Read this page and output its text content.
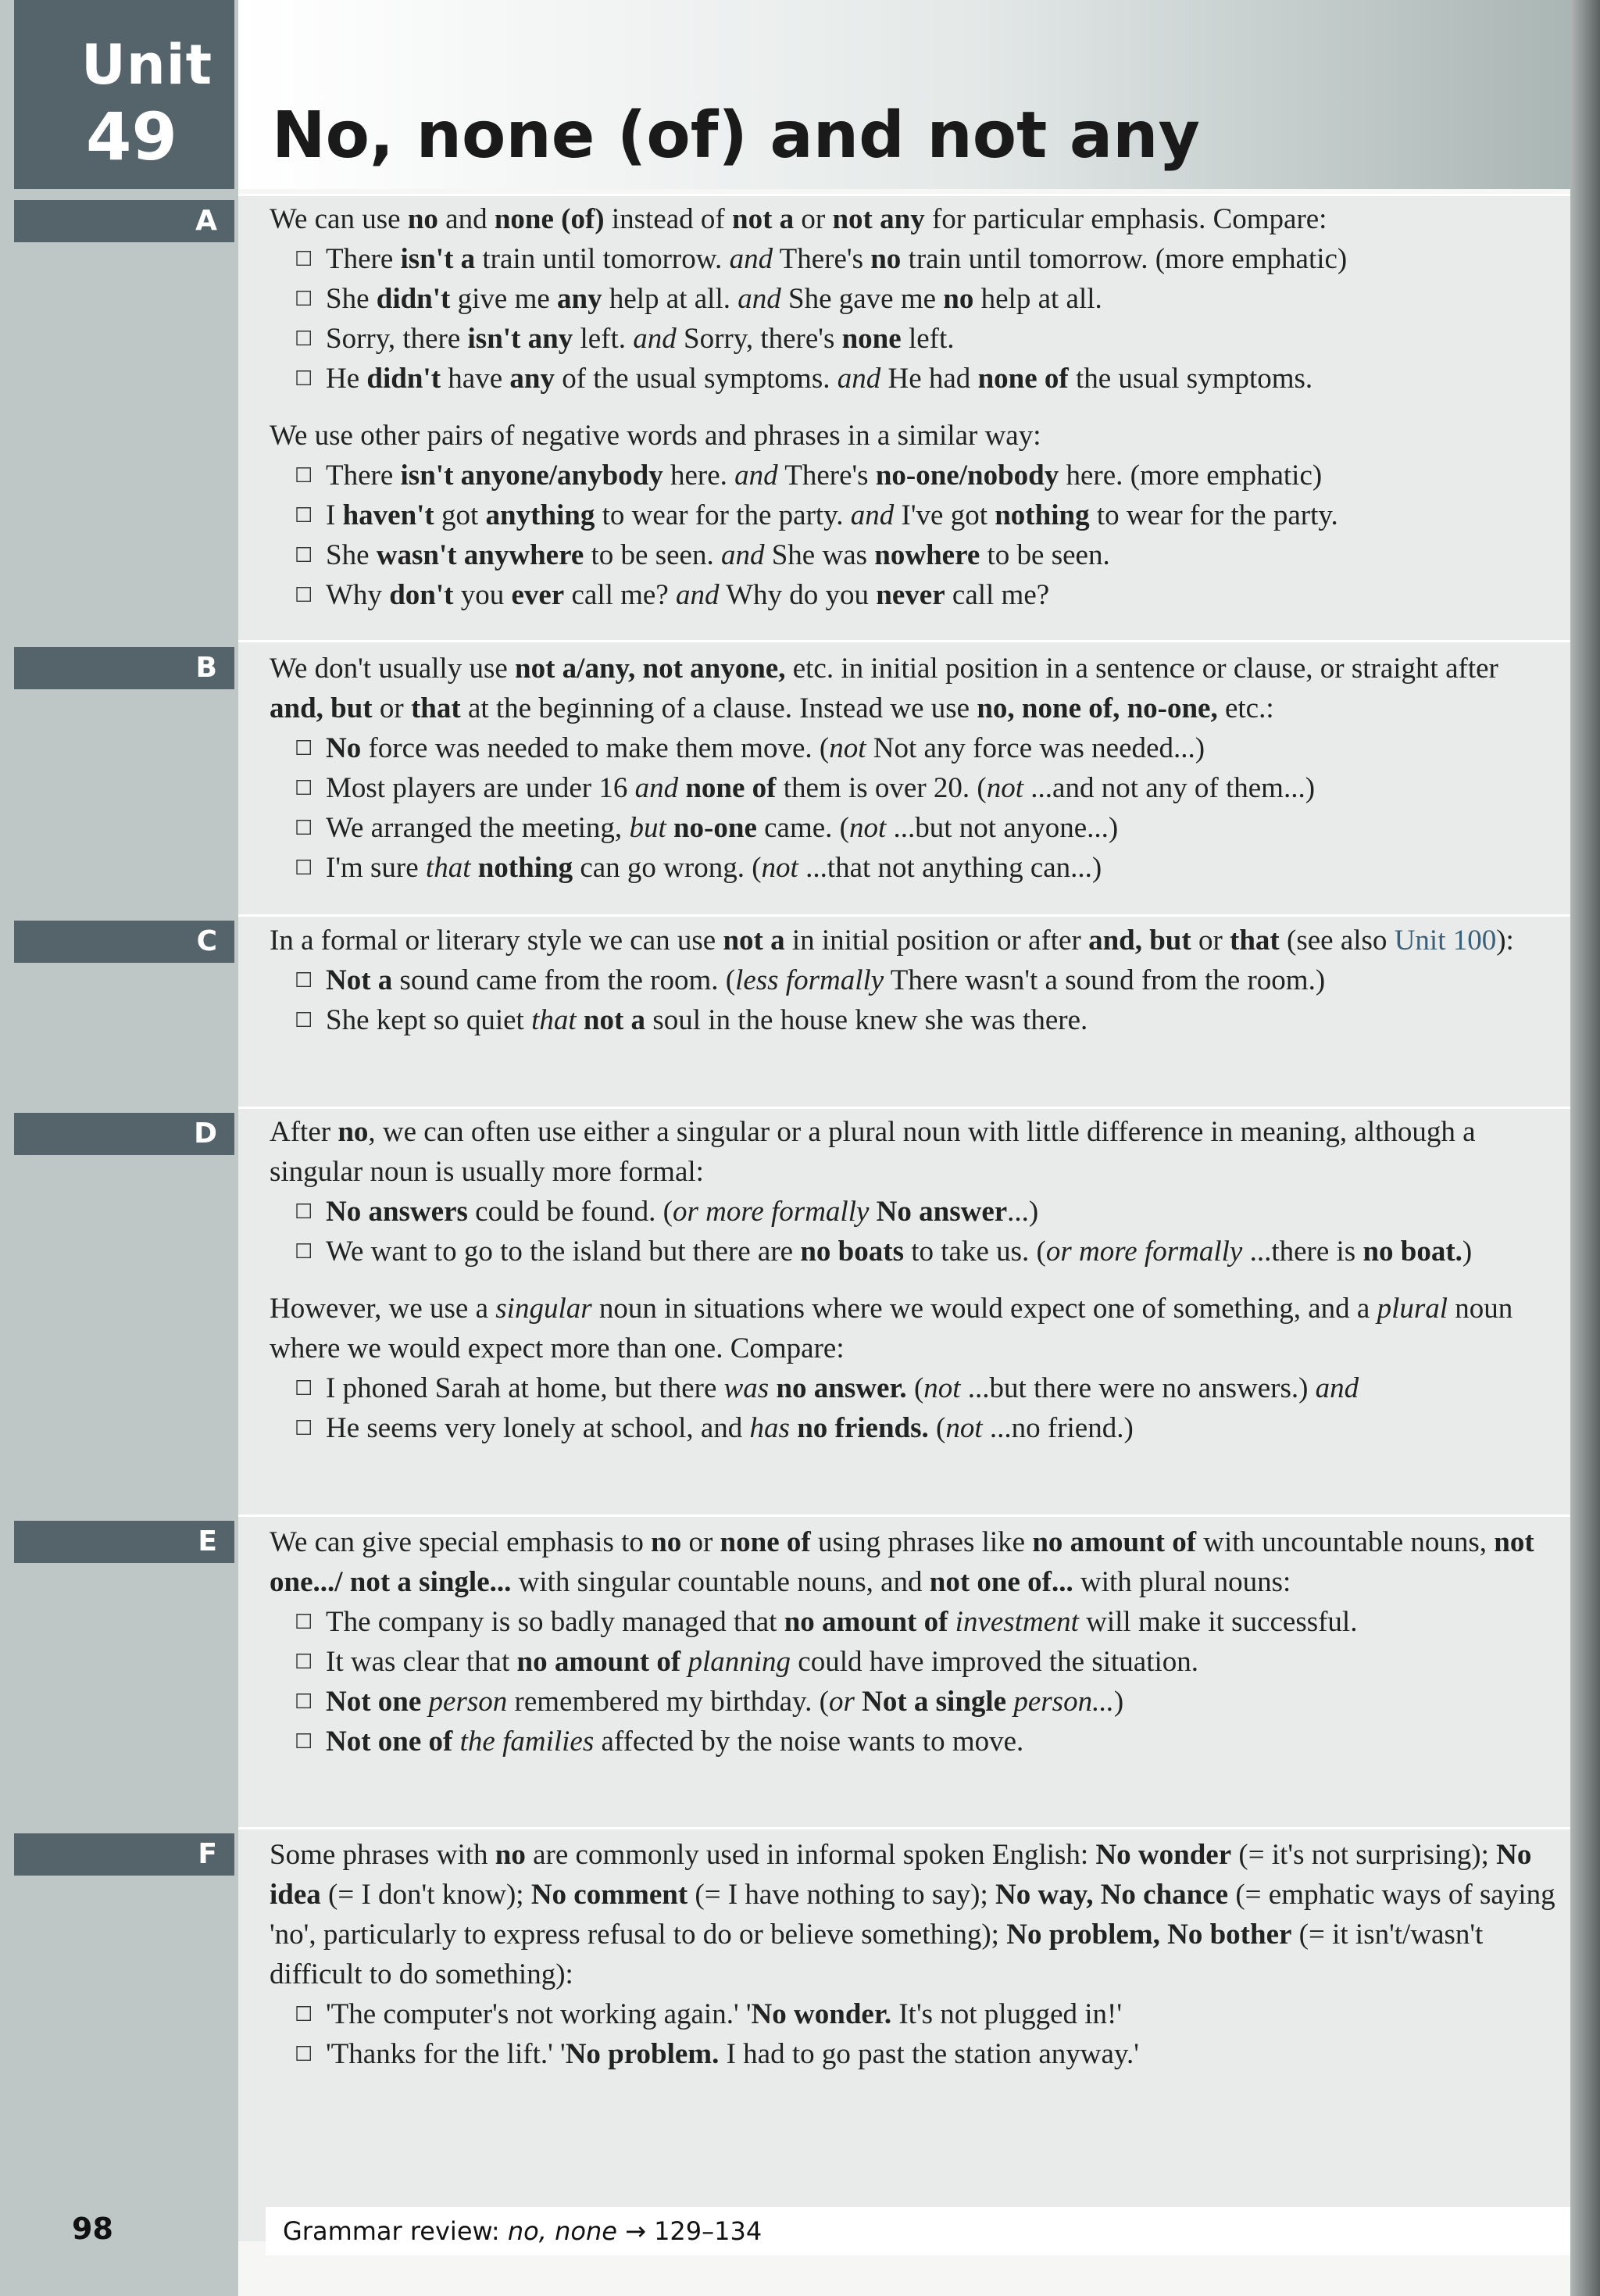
Unit
49 No, none (of) and not any
A	We can use no and none (of) instead of not a or not any for particular emphasis. Compare:

☐ There isn't a train until tomorrow. and There's no train until tomorrow. (more emphatic)

☐ She didn't give me any help at all. and She gave me no help at all.

☐ Sorry, there isn't any left. and Sorry, there's none left.

☐ He didn't have any of the usual symptoms. and He had none of the usual symptoms.

We use other pairs of negative words and phrases in a similar way:

☐ There isn't anyone/anybody here. and There's no-one/nobody here. (more emphatic)

☐ I haven't got anything to wear for the party. and I've got nothing to wear for the party.

☐ She wasn't anywhere to be seen. and She was nowhere to be seen.

☐ Why don't you ever call me? and Why do you never call me?

B	We don't usually use not a/any, not anyone, etc. in initial position in a sentence or clause, or straight after and, but or that at the beginning of a clause. Instead we use no, none of, no-one, etc.:

☐ No force was needed to make them move. (not Not any force was needed...)

☐ Most players are under 16 and none of them is over 20. (not ...and not any of them...)

☐ We arranged the meeting, but no-one came. (not ...but not anyone...)

☐ I'm sure that nothing can go wrong. (not ...that not anything can...)

C	In a formal or literary style we can use not a in initial position or after and, but or that (see also Unit 100):

☐ Not a sound came from the room. (less formally There wasn't a sound from the room.)

☐ She kept so quiet that not a soul in the house knew she was there.

D	After no, we can often use either a singular or a plural noun with little difference in meaning, although a singular noun is usually more formal:

☐ No answers could be found. (or more formally No answer...)

☐ We want to go to the island but there are no boats to take us. (or more formally ...there is no boat.)

However, we use a singular noun in situations where we would expect one of something, and a plural noun where we would expect more than one. Compare:

☐ I phoned Sarah at home, but there was no answer. (not ...but there were no answers.) and

☐ He seems very lonely at school, and has no friends. (not ...no friend.)

E	We can give special emphasis to no or none of using phrases like no amount of with uncountable nouns, not one.../ not a single... with singular countable nouns, and not one of... with plural nouns:

☐ The company is so badly managed that no amount of investment will make it successful.

☐ It was clear that no amount of planning could have improved the situation.

☐ Not one person remembered my birthday. (or Not a single person...)

☐ Not one of the families affected by the noise wants to move.

F	Some phrases with no are commonly used in informal spoken English: No wonder (= it's not surprising); No idea (= I don't know); No comment (= I have nothing to say); No way, No chance (= emphatic ways of saying 'no', particularly to express refusal to do or believe something); No problem, No bother (= it isn't/wasn't difficult to do something):

☐ 'The computer's not working again.' 'No wonder. It's not plugged in!'

☐ 'Thanks for the lift.' 'No problem. I had to go past the station anyway.'

98	Grammar review: no, none → 129–134
